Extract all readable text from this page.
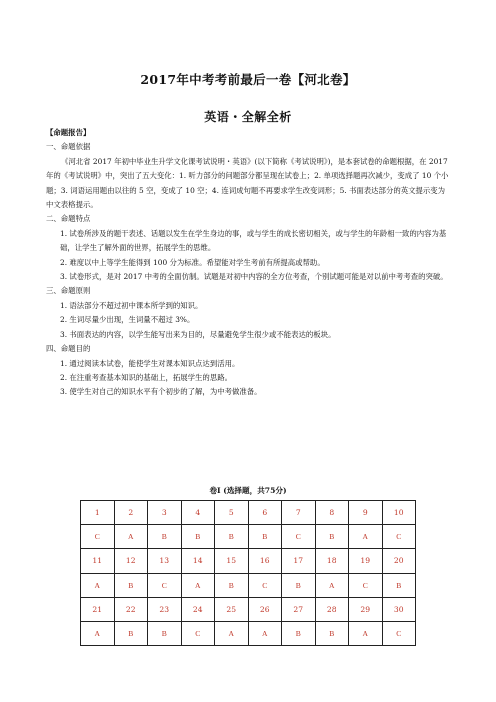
2017年中考考前最后一卷【河北卷】
英语・全解全析

【命题报告】

一、命题依据

《河北省 2017 年初中毕业生升学文化课考试说明・英语》(以下简称《考试说明》)，是本套试卷的命题根据，在 2017 年的《考试说明》中，突出了五大变化：1. 听力部分的问题部分都呈现在试卷上；2. 单项选择题再次减少，变成了 10 个小题；3. 词语运用题由以往的 5 空，变成了 10 空；4. 连词成句题不再要求学生改变词形；5. 书面表达部分的英文提示变为中文表格提示。

二、命题特点

1. 试卷所涉及的题干表述、话题以发生在学生身边的事，或与学生的成长密切相关，或与学生的年龄相一致的内容为基础，让学生了解外面的世界，拓展学生的思维。

2. 难度以中上等学生能得到 100 分为标准。希望能对学生考前有所提高或帮助。

3. 试卷形式，是对 2017 中考的全面仿制。试题是对初中内容的全方位考查，个别试题可能是对以前中考考查的突破。

三、命题原则

1. 语法部分不超过初中课本所学到的知识。

2. 生词尽量少出现，生词量不超过 3%。

3. 书面表达的内容，以学生能写出来为目的，尽量避免学生很少或不能表达的板块。

四、命题目的

1. 通过阅读本试卷，能使学生对课本知识点达到活用。

2. 在注重考查基本知识的基础上，拓展学生的思路。

3. 使学生对自己的知识水平有个初步的了解，为中考做准备。

卷I (选择题，共75分)
1	2	3	4	5	6	7	8	9	10
C	A	B	B	B	B	C	B	A	C
11	12	13	14	15	16	17	18	19	20
A	B	C	A	B	C	B	A	C	B
21	22	23	24	25	26	27	28	29	30
A	B	B	C	A	A	B	B	A	C
